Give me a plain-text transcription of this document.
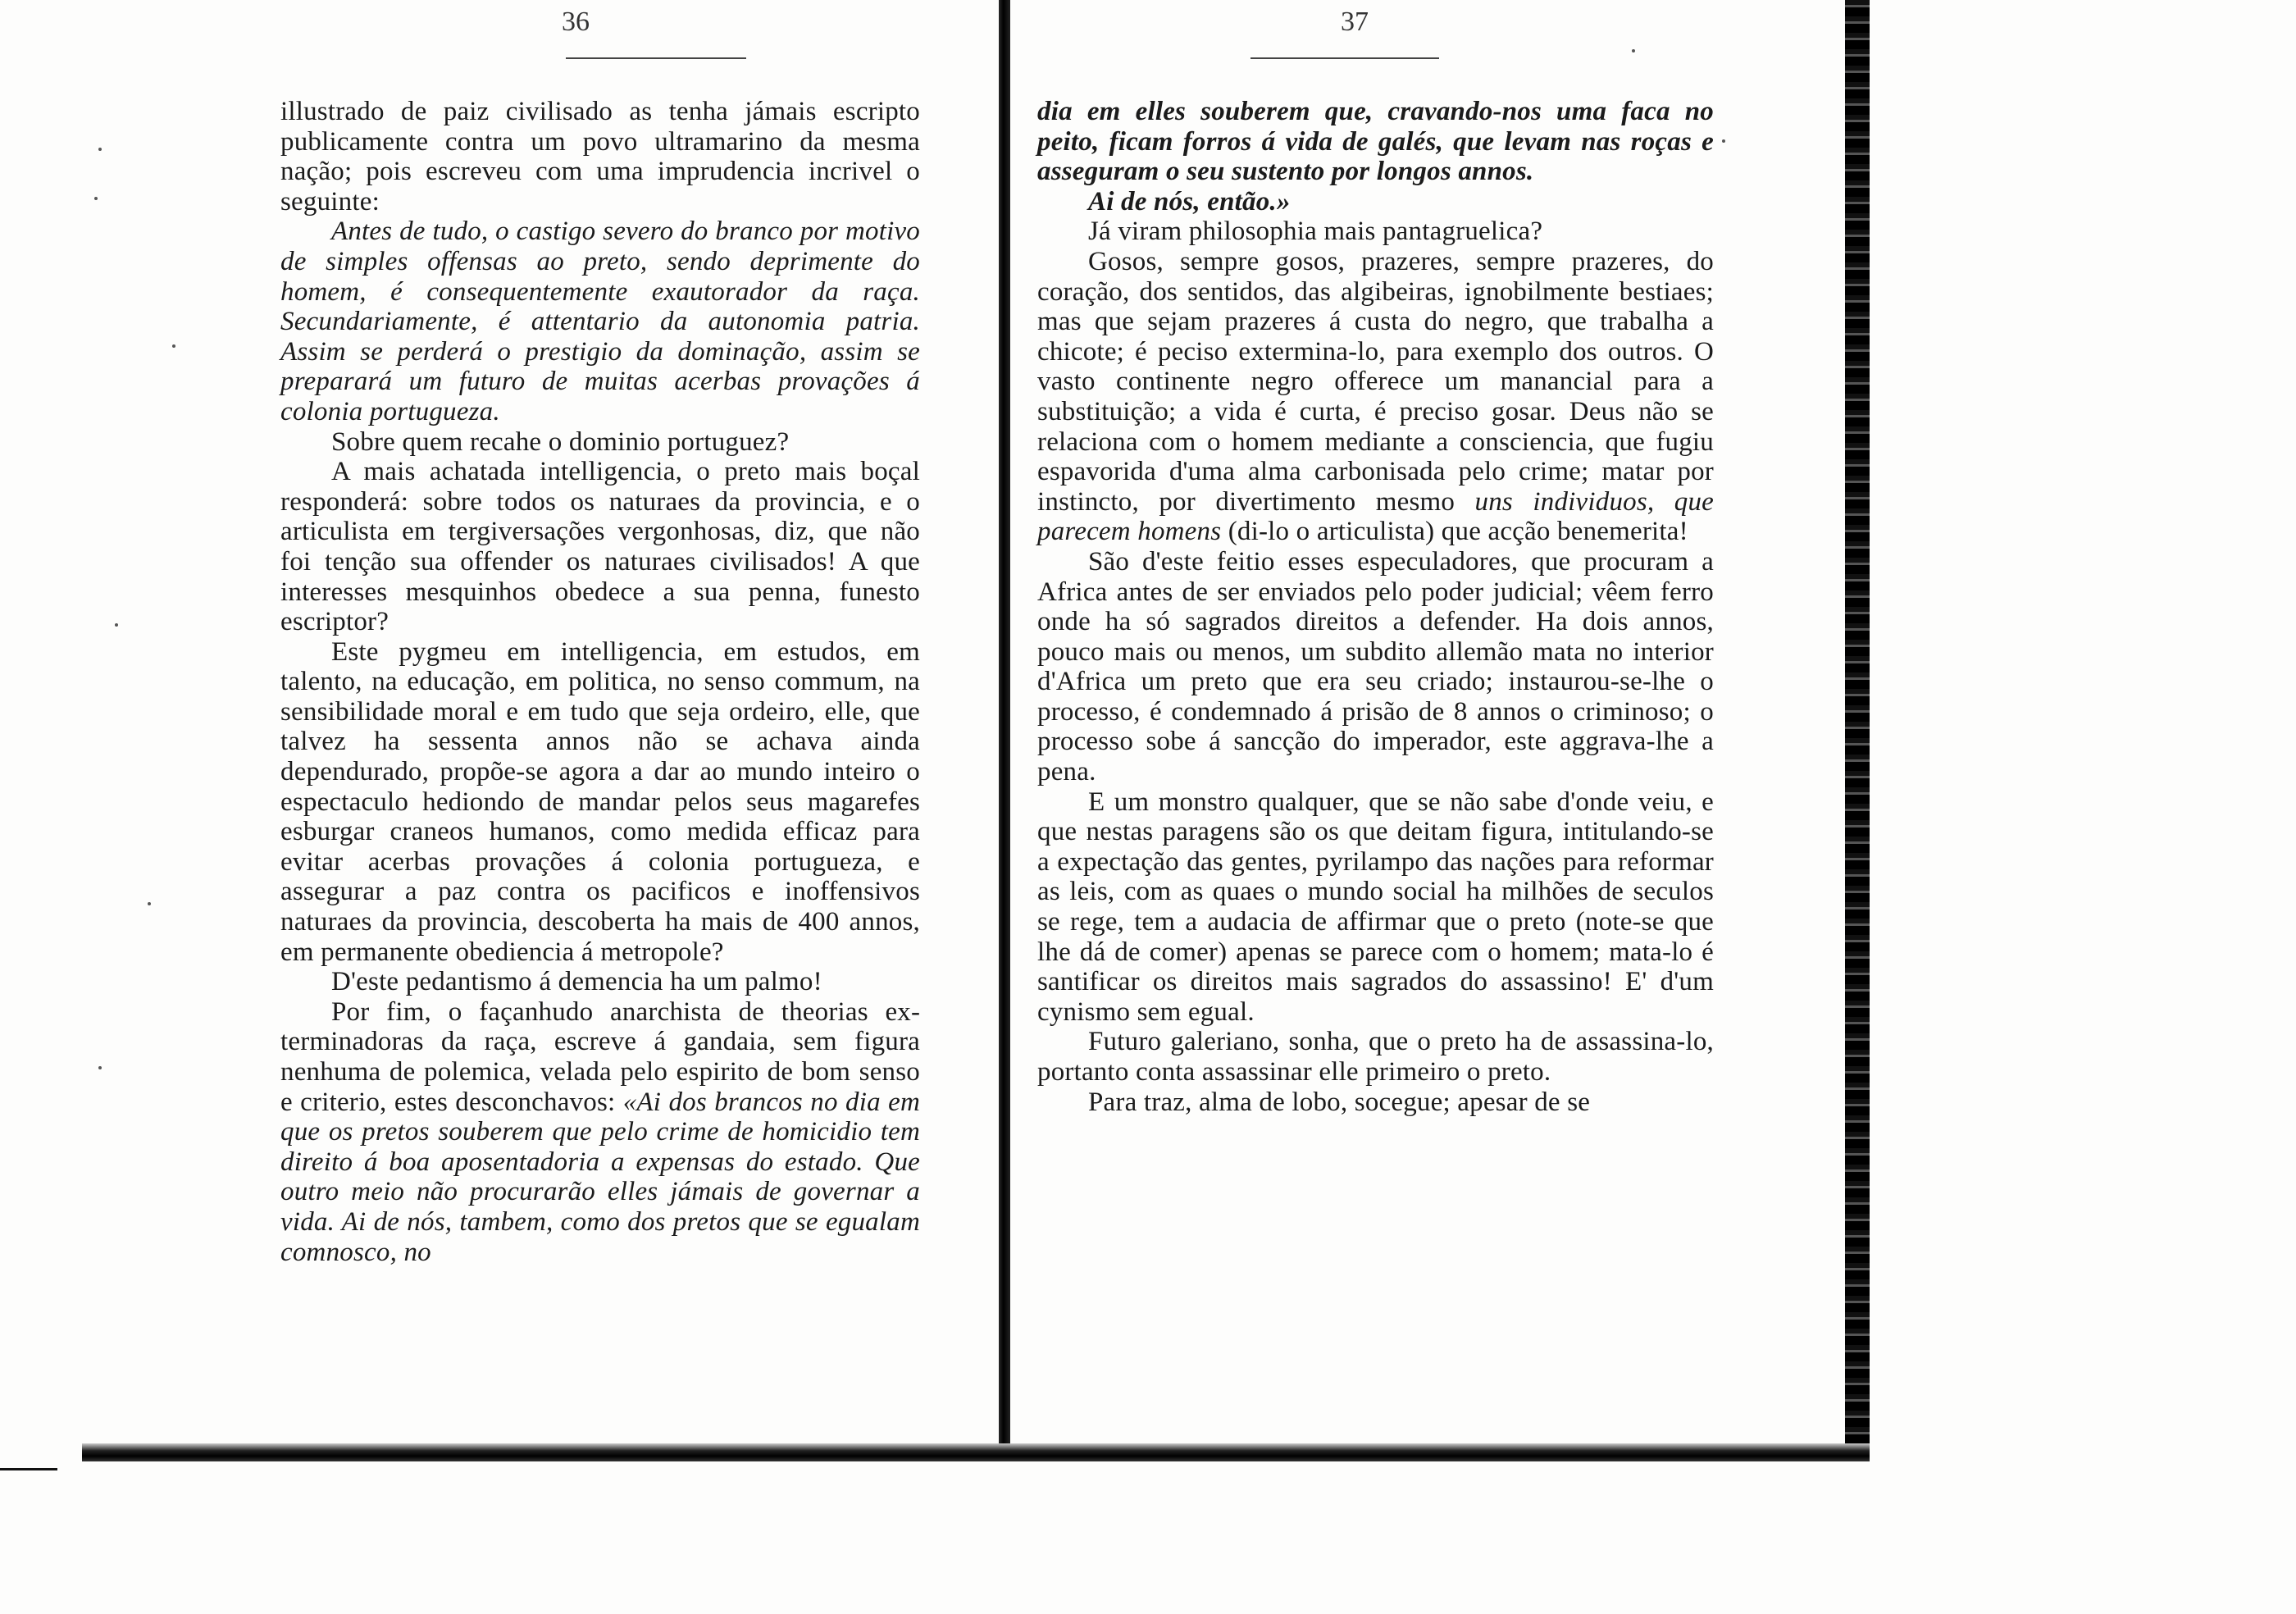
36

illustrado de paiz civilisado as tenha jámais escripto publicamente contra um povo ultramarino da mesma nação; pois escreveu com uma imprudencia incrivel o seguinte:

Antes de tudo, o castigo severo do branco por motivo de simples offensas ao preto, sendo deprimente do homem, é consequentemente exautorador da raça. Secundariamente, é attentario da autonomia patria. Assim se perderá o prestigio da dominação, assim se preparará um futuro de muitas acerbas provações á colonia portugueza.

Sobre quem recahe o dominio portuguez?

A mais achatada intelligencia, o preto mais boçal responderá: sobre todos os naturaes da provincia, e o articulista em tergiversações vergonhosas, diz, que não foi tenção sua offender os naturaes civilisados! A que interesses mesquinhos obedece a sua penna, funesto escriptor?

Este pygmeu em intelligencia, em estudos, em talento, na educação, em politica, no senso commum, na sensibilidade moral e em tudo que seja ordeiro, elle, que talvez ha sessenta annos não se achava ainda dependurado, propõe-se agora a dar ao mundo inteiro o espectaculo hediondo de mandar pelos seus magarefes esburgar craneos humanos, como medida efficaz para evitar acerbas provações á colonia portugueza, e assegurar a paz contra os pacificos e inoffensivos naturaes da provincia, descoberta ha mais de 400 annos, em permanente obediencia á metropole?

D'este pedantismo á demencia ha um palmo!

Por fim, o façanhudo anarchista de theorias exterminadoras da raça, escreve á gandaia, sem figura nenhuma de polemica, velada pelo espirito de bom senso e criterio, estes desconchavos: «Ai dos brancos no dia em que os pretos souberem que pelo crime de homicidio tem direito á boa aposentadoria a expensas do estado. Que outro meio não procurarão elles jámais de governar a vida. Ai de nós, tambem, como dos pretos que se egualam comnosco, no

37

dia em elles souberem que, cravando-nos uma faca no peito, ficam forros á vida de galés, que levam nas roças e asseguram o seu sustento por longos annos.

Ai de nós, então.»

Já viram philosophia mais pantagruelica?

Gosos, sempre gosos, prazeres, sempre prazeres, do coração, dos sentidos, das algibeiras, ignobilmente bestiaes; mas que sejam prazeres á custa do negro, que trabalha a chicote; é peciso extermina-lo, para exemplo dos outros. O vasto continente negro offerece um manancial para a substituição; a vida é curta, é preciso gosar. Deus não se relaciona com o homem mediante a consciencia, que fugiu espavorida d'uma alma carbonisada pelo crime; matar por instincto, por divertimento mesmo uns individuos, que parecem homens (di-lo o articulista) que acção benemerita!

São d'este feitio esses especuladores, que procuram a Africa antes de ser enviados pelo poder judicial; vêem ferro onde ha só sagrados direitos a defender. Ha dois annos, pouco mais ou menos, um subdito allemão mata no interior d'Africa um preto que era seu criado; instaurou-se-lhe o processo, é condemnado á prisão de 8 annos o criminoso; o processo sobe á sancção do imperador, este aggrava-lhe a pena.

E um monstro qualquer, que se não sabe d'onde veiu, e que nestas paragens são os que deitam figura, intitulando-se a expectação das gentes, pyrilampo das nações para reformar as leis, com as quaes o mundo social ha milhões de seculos se rege, tem a audacia de affirmar que o preto (note-se que lhe dá de comer) apenas se parece com o homem; mata-lo é santificar os direitos mais sagrados do assassino! E' d'um cynismo sem egual.

Futuro galeriano, sonha, que o preto ha de assassina-lo, portanto conta assassinar elle primeiro o preto.

Para traz, alma de lobo, socegue; apesar de se
